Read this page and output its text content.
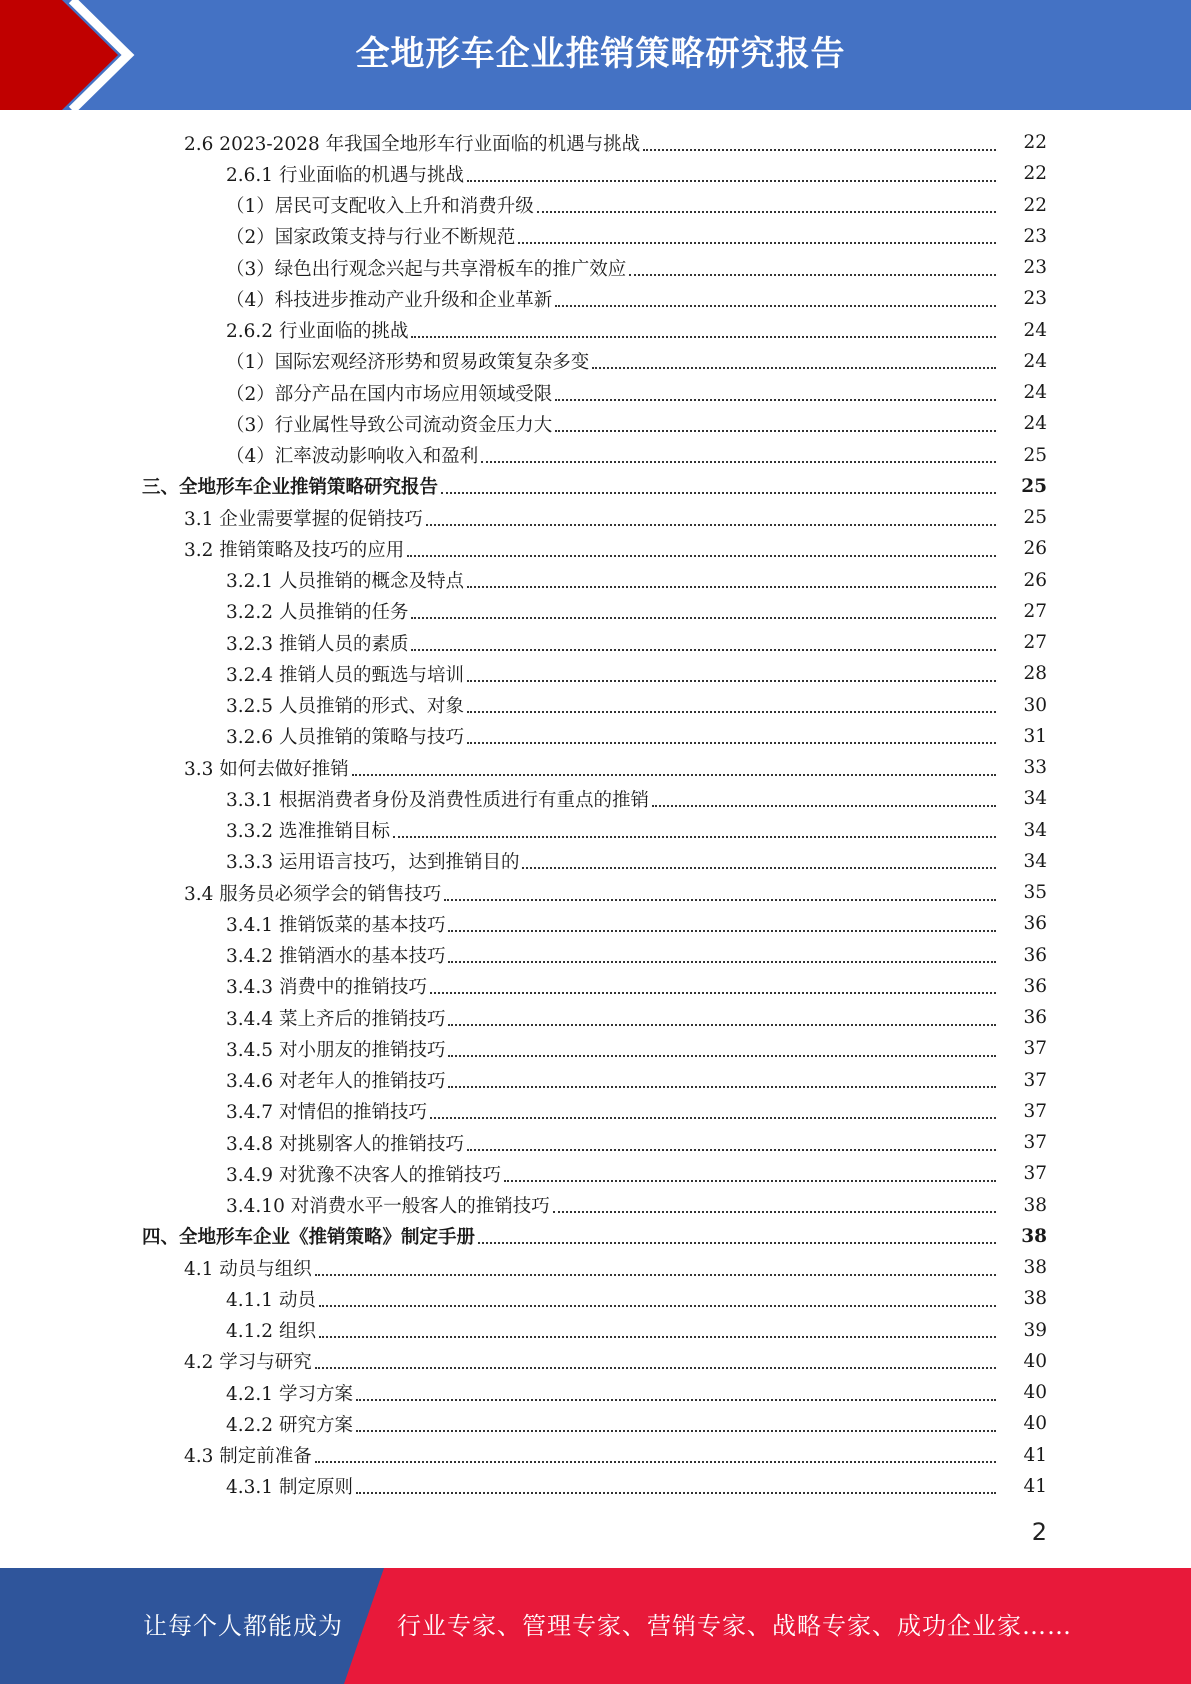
全地形车企业推销策略研究报告
2.6 2023-2028 年我国全地形车行业面临的机遇与挑战	22
2.6.1 行业面临的机遇与挑战	22
（1）居民可支配收入上升和消费升级	22
（2）国家政策支持与行业不断规范	23
（3）绿色出行观念兴起与共享滑板车的推广效应	23
（4）科技进步推动产业升级和企业革新	23
2.6.2 行业面临的挑战	24
（1）国际宏观经济形势和贸易政策复杂多变	24
（2）部分产品在国内市场应用领域受限	24
（3）行业属性导致公司流动资金压力大	24
（4）汇率波动影响收入和盈利	25
三、全地形车企业推销策略研究报告	25
3.1 企业需要掌握的促销技巧	25
3.2 推销策略及技巧的应用	26
3.2.1 人员推销的概念及特点	26
3.2.2 人员推销的任务	27
3.2.3 推销人员的素质	27
3.2.4 推销人员的甄选与培训	28
3.2.5 人员推销的形式、对象	30
3.2.6 人员推销的策略与技巧	31
3.3 如何去做好推销	33
3.3.1 根据消费者身份及消费性质进行有重点的推销	34
3.3.2 选准推销目标	34
3.3.3 运用语言技巧，达到推销目的	34
3.4 服务员必须学会的销售技巧	35
3.4.1 推销饭菜的基本技巧	36
3.4.2 推销酒水的基本技巧	36
3.4.3 消费中的推销技巧	36
3.4.4 菜上齐后的推销技巧	36
3.4.5 对小朋友的推销技巧	37
3.4.6 对老年人的推销技巧	37
3.4.7 对情侣的推销技巧	37
3.4.8 对挑剔客人的推销技巧	37
3.4.9 对犹豫不决客人的推销技巧	37
3.4.10 对消费水平一般客人的推销技巧	38
四、全地形车企业《推销策略》制定手册	38
4.1 动员与组织	38
4.1.1 动员	38
4.1.2 组织	39
4.2 学习与研究	40
4.2.1 学习方案	40
4.2.2 研究方案	40
4.3 制定前准备	41
4.3.1 制定原则	41
2
让每个人都能成为 行业专家、管理专家、营销专家、战略专家、成功企业家……
